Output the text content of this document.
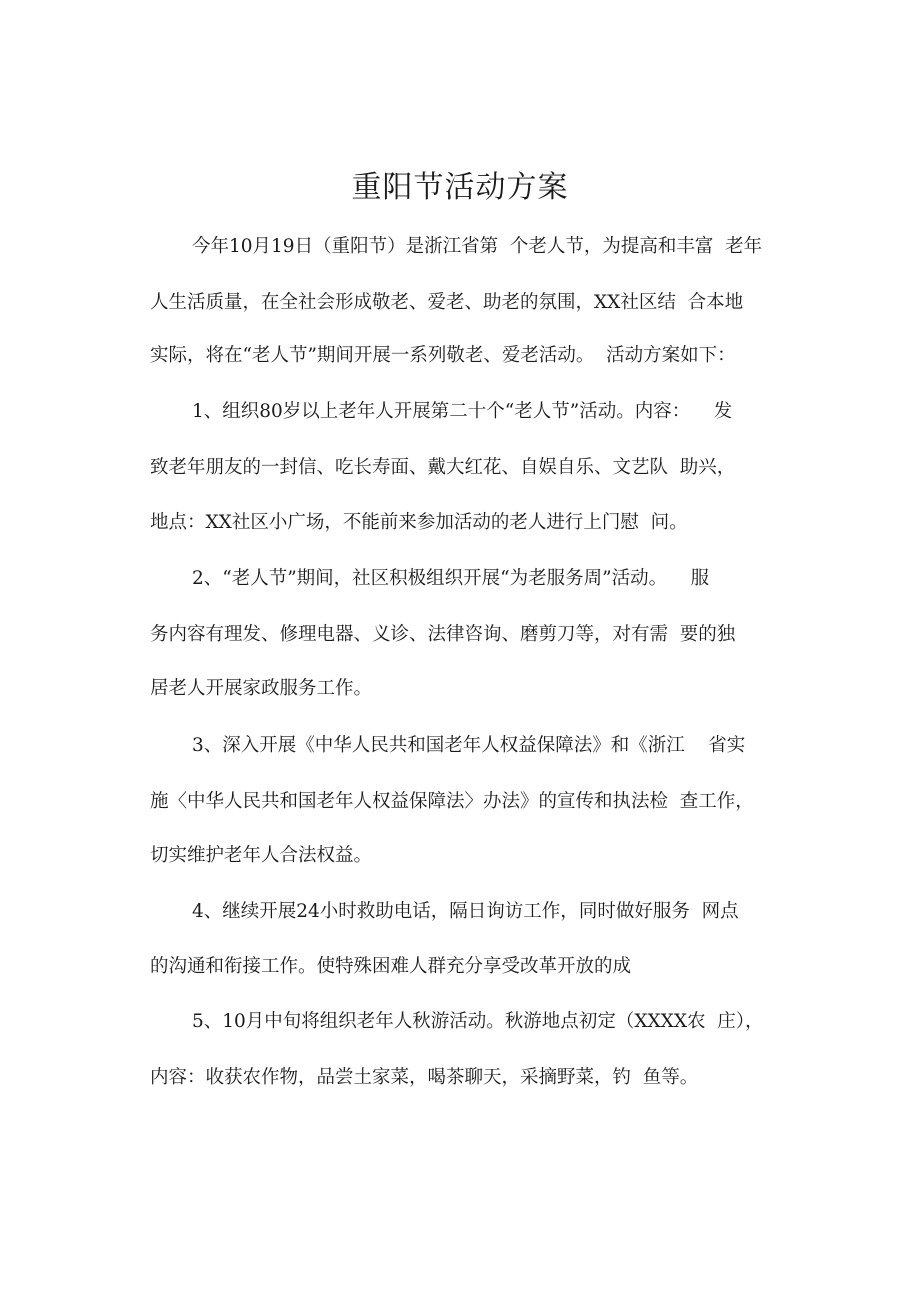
重阳节活动方案

今年10月19日（重阳节）是浙江省第  个老人节，为提高和丰富  老年

人生活质量，在全社会形成敬老、爱老、助老的氛围，XX社区结  合本地

实际，将在“老人节”期间开展一系列敬老、爱老活动。  活动方案如下：

1、组织80岁以上老年人开展第二十个“老人节”活动。内容：    发

致老年朋友的一封信、吃长寿面、戴大红花、自娱自乐、文艺队  助兴，

地点：XX社区小广场，不能前来参加活动的老人进行上门慰  问。

2、“老人节”期间，社区积极组织开展“为老服务周”活动。    服

务内容有理发、修理电器、义诊、法律咨询、磨剪刀等，对有需  要的独

居老人开展家政服务工作。

3、深入开展《中华人民共和国老年人权益保障法》和《浙江    省实

施〈中华人民共和国老年人权益保障法〉办法》的宣传和执法检  查工作，

切实维护老年人合法权益。

4、继续开展24小时救助电话，隔日询访工作，同时做好服务  网点

的沟通和衔接工作。使特殊困难人群充分享受改革开放的成

5、10月中旬将组织老年人秋游活动。秋游地点初定（XXXX农  庄），

内容：收获农作物，品尝土家菜，喝茶聊天，采摘野菜，钓  鱼等。
